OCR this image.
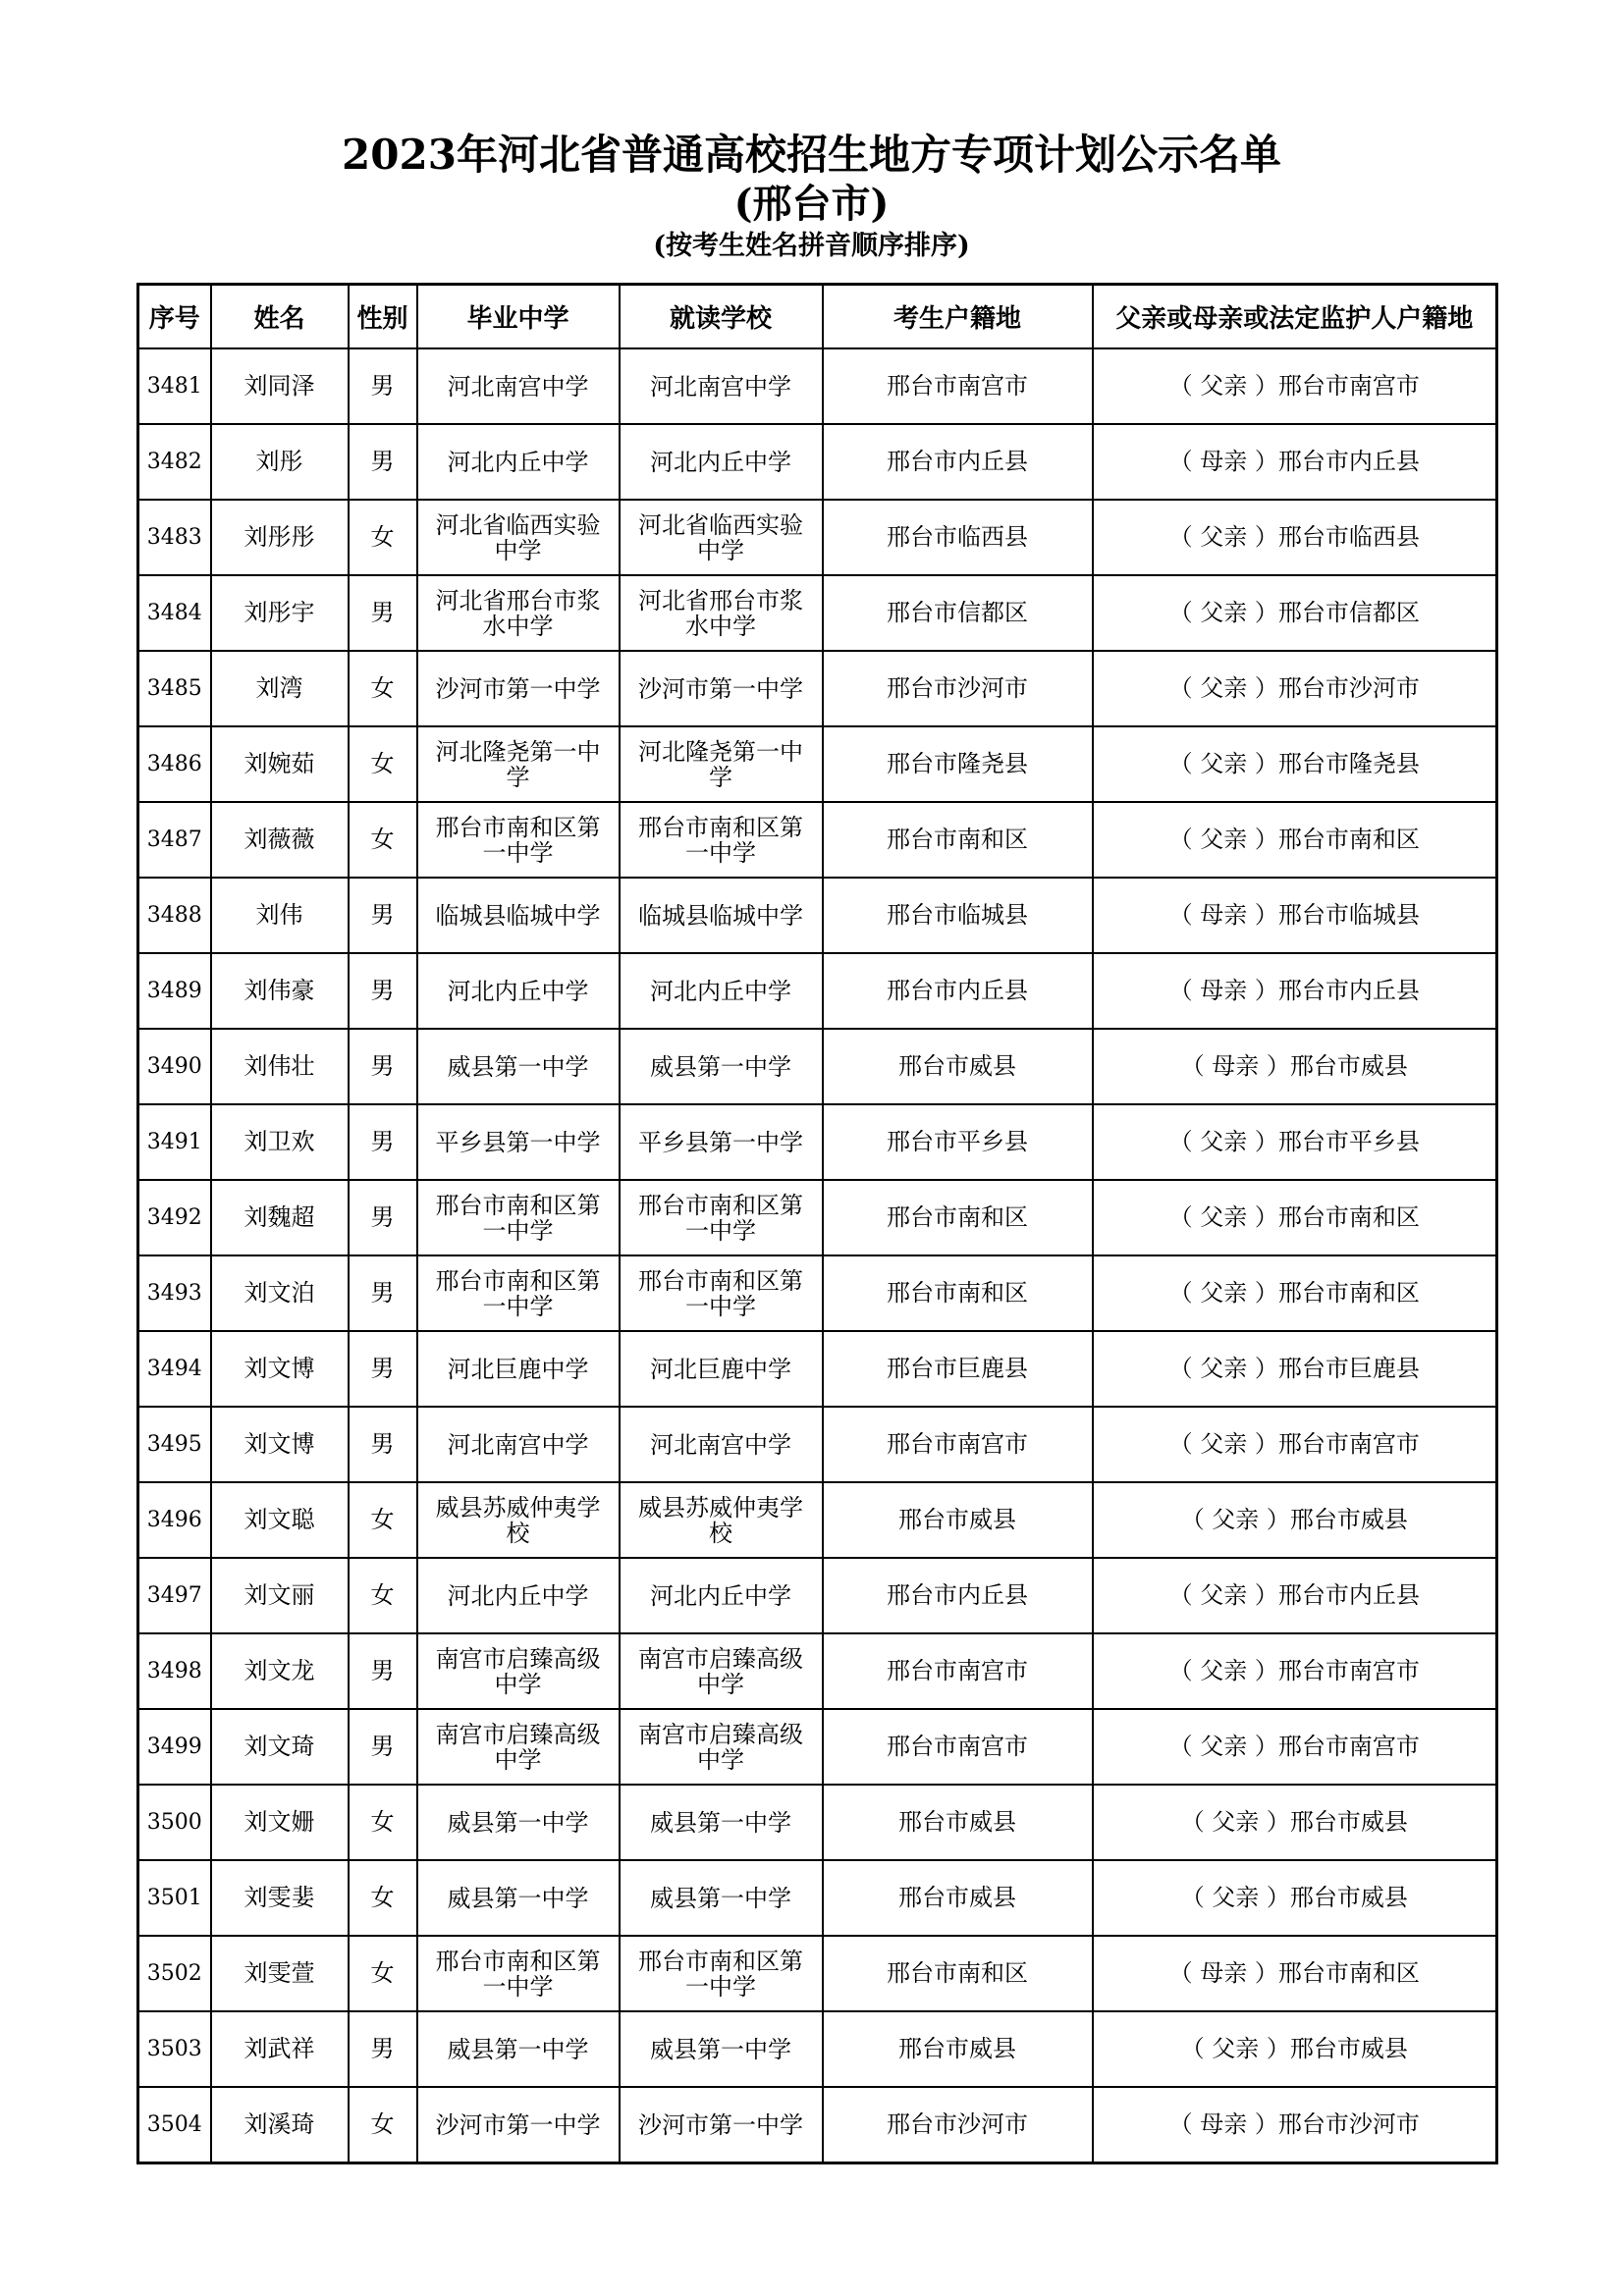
2023年河北省普通高校招生地方专项计划公示名单
(邢台市)
(按考生姓名拼音顺序排序)
序号	姓名	性别	毕业中学	就读学校	考生户籍地	父亲或母亲或法定监护人户籍地
3481	刘同泽	男	河北南宫中学	河北南宫中学	邢台市南宫市	（ 父亲 ）邢台市南宫市
3482	刘彤	男	河北内丘中学	河北内丘中学	邢台市内丘县	（ 母亲 ）邢台市内丘县
3483	刘彤彤	女	河北省临西实验中学	河北省临西实验中学	邢台市临西县	（ 父亲 ）邢台市临西县
3484	刘彤宇	男	河北省邢台市浆水中学	河北省邢台市浆水中学	邢台市信都区	（ 父亲 ）邢台市信都区
3485	刘湾	女	沙河市第一中学	沙河市第一中学	邢台市沙河市	（ 父亲 ）邢台市沙河市
3486	刘婉茹	女	河北隆尧第一中学	河北隆尧第一中学	邢台市隆尧县	（ 父亲 ）邢台市隆尧县
3487	刘薇薇	女	邢台市南和区第一中学	邢台市南和区第一中学	邢台市南和区	（ 父亲 ）邢台市南和区
3488	刘伟	男	临城县临城中学	临城县临城中学	邢台市临城县	（ 母亲 ）邢台市临城县
3489	刘伟豪	男	河北内丘中学	河北内丘中学	邢台市内丘县	（ 母亲 ）邢台市内丘县
3490	刘伟壮	男	威县第一中学	威县第一中学	邢台市威县	（ 母亲 ）邢台市威县
3491	刘卫欢	男	平乡县第一中学	平乡县第一中学	邢台市平乡县	（ 父亲 ）邢台市平乡县
3492	刘魏超	男	邢台市南和区第一中学	邢台市南和区第一中学	邢台市南和区	（ 父亲 ）邢台市南和区
3493	刘文泊	男	邢台市南和区第一中学	邢台市南和区第一中学	邢台市南和区	（ 父亲 ）邢台市南和区
3494	刘文博	男	河北巨鹿中学	河北巨鹿中学	邢台市巨鹿县	（ 父亲 ）邢台市巨鹿县
3495	刘文博	男	河北南宫中学	河北南宫中学	邢台市南宫市	（ 父亲 ）邢台市南宫市
3496	刘文聪	女	威县苏威仲夷学校	威县苏威仲夷学校	邢台市威县	（ 父亲 ）邢台市威县
3497	刘文丽	女	河北内丘中学	河北内丘中学	邢台市内丘县	（ 父亲 ）邢台市内丘县
3498	刘文龙	男	南宫市启臻高级中学	南宫市启臻高级中学	邢台市南宫市	（ 父亲 ）邢台市南宫市
3499	刘文琦	男	南宫市启臻高级中学	南宫市启臻高级中学	邢台市南宫市	（ 父亲 ）邢台市南宫市
3500	刘文姗	女	威县第一中学	威县第一中学	邢台市威县	（ 父亲 ）邢台市威县
3501	刘雯婓	女	威县第一中学	威县第一中学	邢台市威县	（ 父亲 ）邢台市威县
3502	刘雯萱	女	邢台市南和区第一中学	邢台市南和区第一中学	邢台市南和区	（ 母亲 ）邢台市南和区
3503	刘武祥	男	威县第一中学	威县第一中学	邢台市威县	（ 父亲 ）邢台市威县
3504	刘溪琦	女	沙河市第一中学	沙河市第一中学	邢台市沙河市	（ 母亲 ）邢台市沙河市
